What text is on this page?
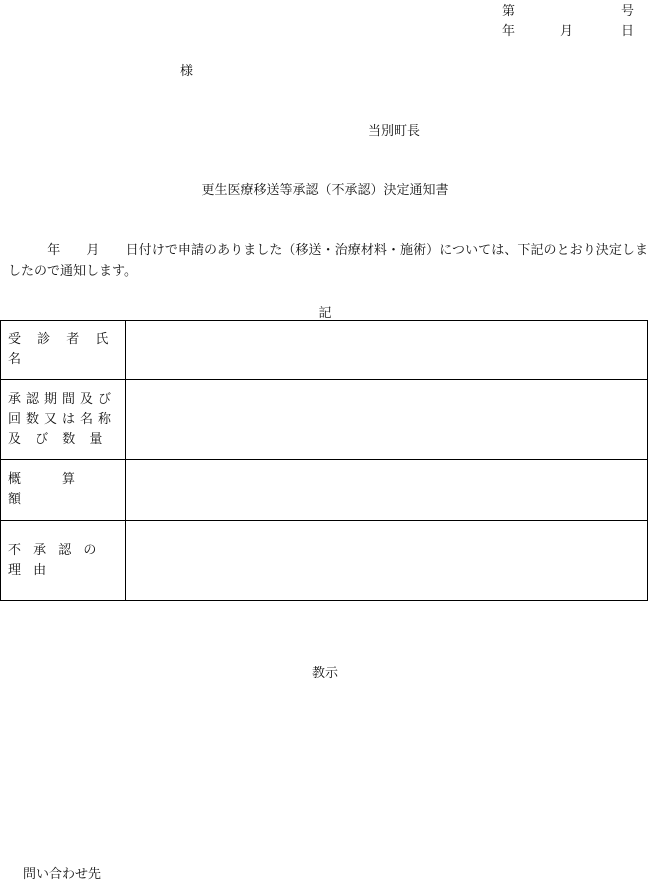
第	号
年	月	日
様
当別町長
更生医療移送等承認（不承認）決定通知書
　　　年　　月　　日付けで申請のありました（移送・治療材料・施術）については、下記のとおり決定しましたので通知します。
記
受 診 者 氏 名	

承認期間及び
回数又は名称
及 び 数 量	

概　算　額	

不 承 認 の 理 由	

教示
問い合わせ先
